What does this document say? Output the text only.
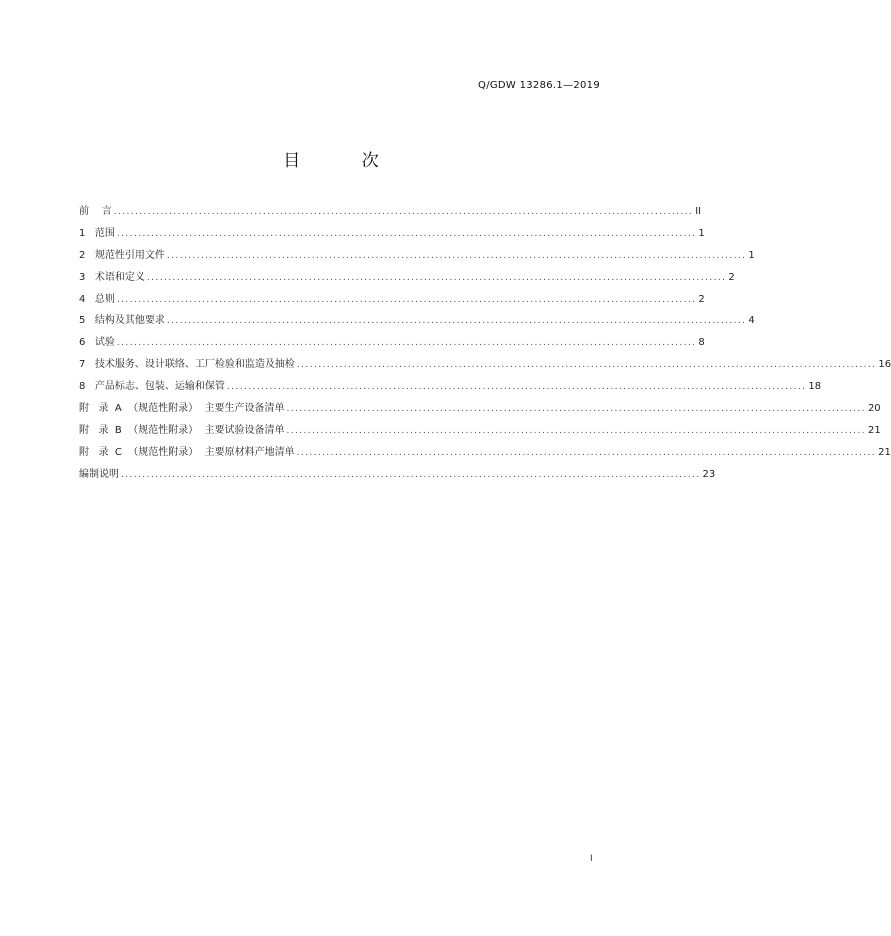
Q/GDW 13286.1—2019
目 次
前    言 ........................................................................................................................................ II
1   范围 ........................................................................................................................................ 1
2   规范性引用文件 ........................................................................................................................................ 1
3   术语和定义 ........................................................................................................................................ 2
4   总则 ........................................................................................................................................ 2
5   结构及其他要求 ........................................................................................................................................ 4
6   试验 ........................................................................................................................................ 8
7   技术服务、设计联络、工厂检验和监造及抽检 ........................................................................................................................................ 16
8   产品标志、包装、运输和保管 ........................................................................................................................................ 18
附   录  A  （规范性附录）  主要生产设备清单 ........................................................................................................................................ 20
附   录  B  （规范性附录）  主要试验设备清单 ........................................................................................................................................ 21
附   录  C  （规范性附录）  主要原材料产地清单 ........................................................................................................................................ 21
编制说明 ........................................................................................................................................ 23
I
